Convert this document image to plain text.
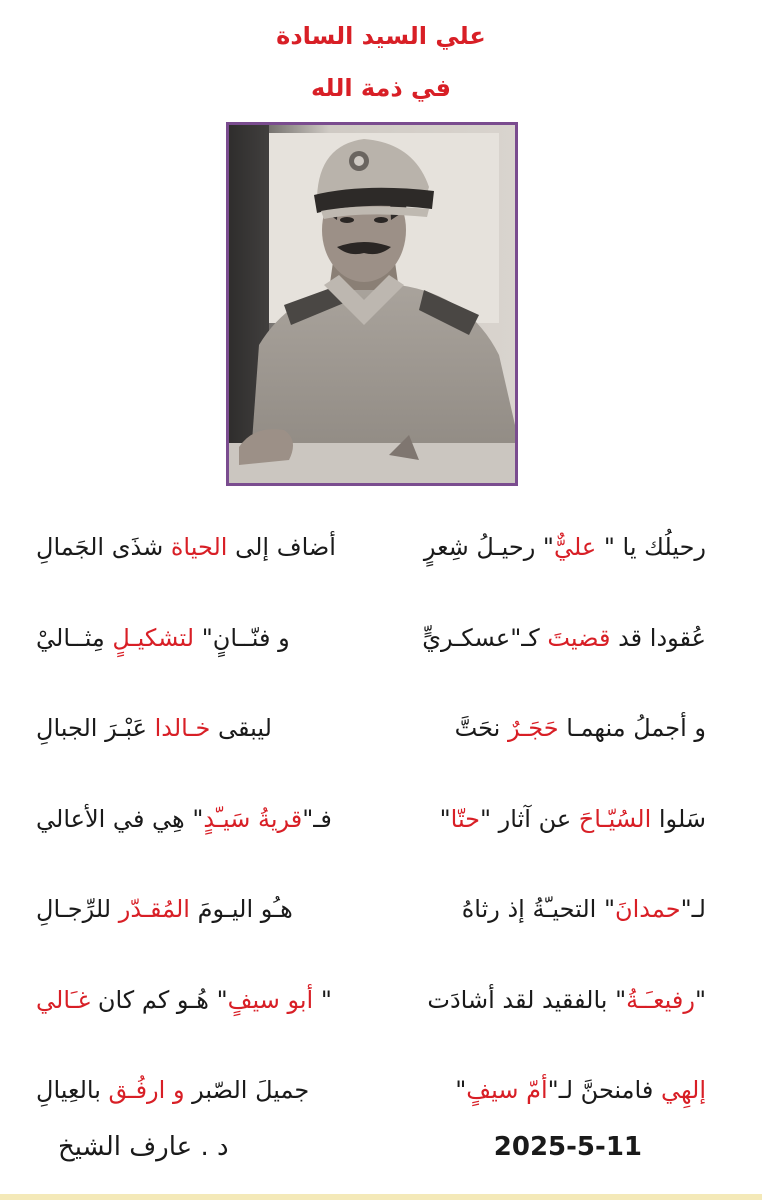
علي السيد السادة
في ذمة الله
رحيلُك يا " عليٌّ" رحيـلُ شِعرٍ
أضاف إلى الحياة شذَى الجَمالِ
عُقودا قد قضيتَ كـ"عسكـريٍّ
و فنّــانٍ" لتشكيـلٍ مِثــاليْ
و أجملُ منهمـا حَجَـرٌ نحَتَّ
ليبقى خـالدا عَبْـرَ الجبالِ
سَلوا السُيّـاحَ عن آثار "حتّا"
فـ"قريةُ سَيـّدٍ" هِي في الأعالي
لـ"حمدانَ" التحيـّةُ إذ رثاهُ
هـُو اليـومَ المُقـدّر للرِّجـالِ
"رفيعـَـةُ" بالفقيد لقد أشادَت
" أبو سيفٍ" هُـو كم كان غـَالي
إلهِي فامنحنَّ لـ"أمّ سيفٍ"
جميلَ الصّبر و ارفُـق بالعِيالِ
2025-5-11
د . عارف الشيخ
